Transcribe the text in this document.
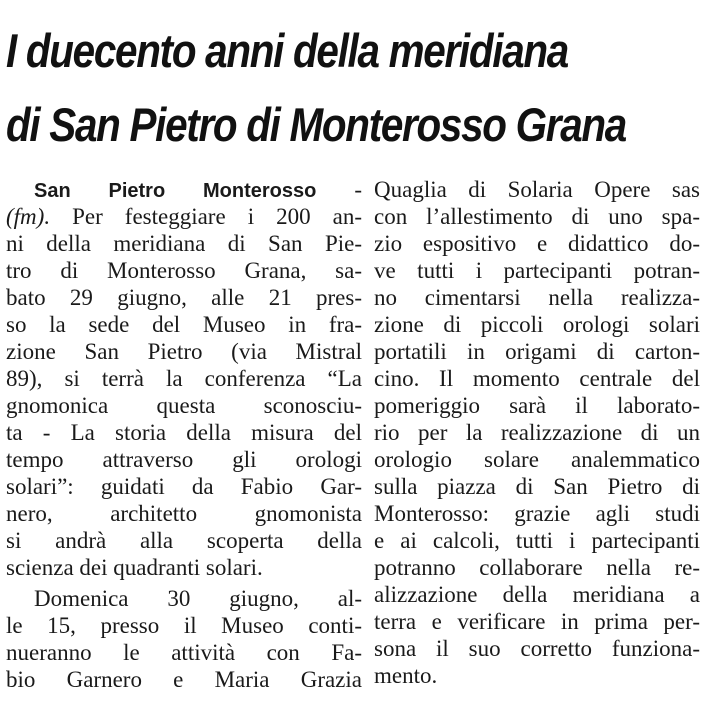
I duecento anni della meridiana
di San Pietro di Monterosso Grana
San Pietro Monterosso -
(fm). Per festeggiare i 200 an-
ni della meridiana di San Pie-
tro di Monterosso Grana, sa-
bato 29 giugno, alle 21 pres-
so la sede del Museo in fra-
zione San Pietro (via Mistral
89), si terrà la conferenza “La
gnomonica questa sconosciu-
ta - La storia della misura del
tempo attraverso gli orologi
solari”: guidati da Fabio Gar-
nero, architetto gnomonista
si andrà alla scoperta della
scienza dei quadranti solari.
Domenica 30 giugno, al-
le 15, presso il Museo conti-
nueranno le attività con Fa-
bio Garnero e Maria Grazia
Quaglia di Solaria Opere sas
con l’allestimento di uno spa-
zio espositivo e didattico do-
ve tutti i partecipanti potran-
no cimentarsi nella realizza-
zione di piccoli orologi solari
portatili in origami di carton-
cino. Il momento centrale del
pomeriggio sarà il laborato-
rio per la realizzazione di un
orologio solare analemmatico
sulla piazza di San Pietro di
Monterosso: grazie agli studi
e ai calcoli, tutti i partecipanti
potranno collaborare nella re-
alizzazione della meridiana a
terra e verificare in prima per-
sona il suo corretto funziona-
mento.
